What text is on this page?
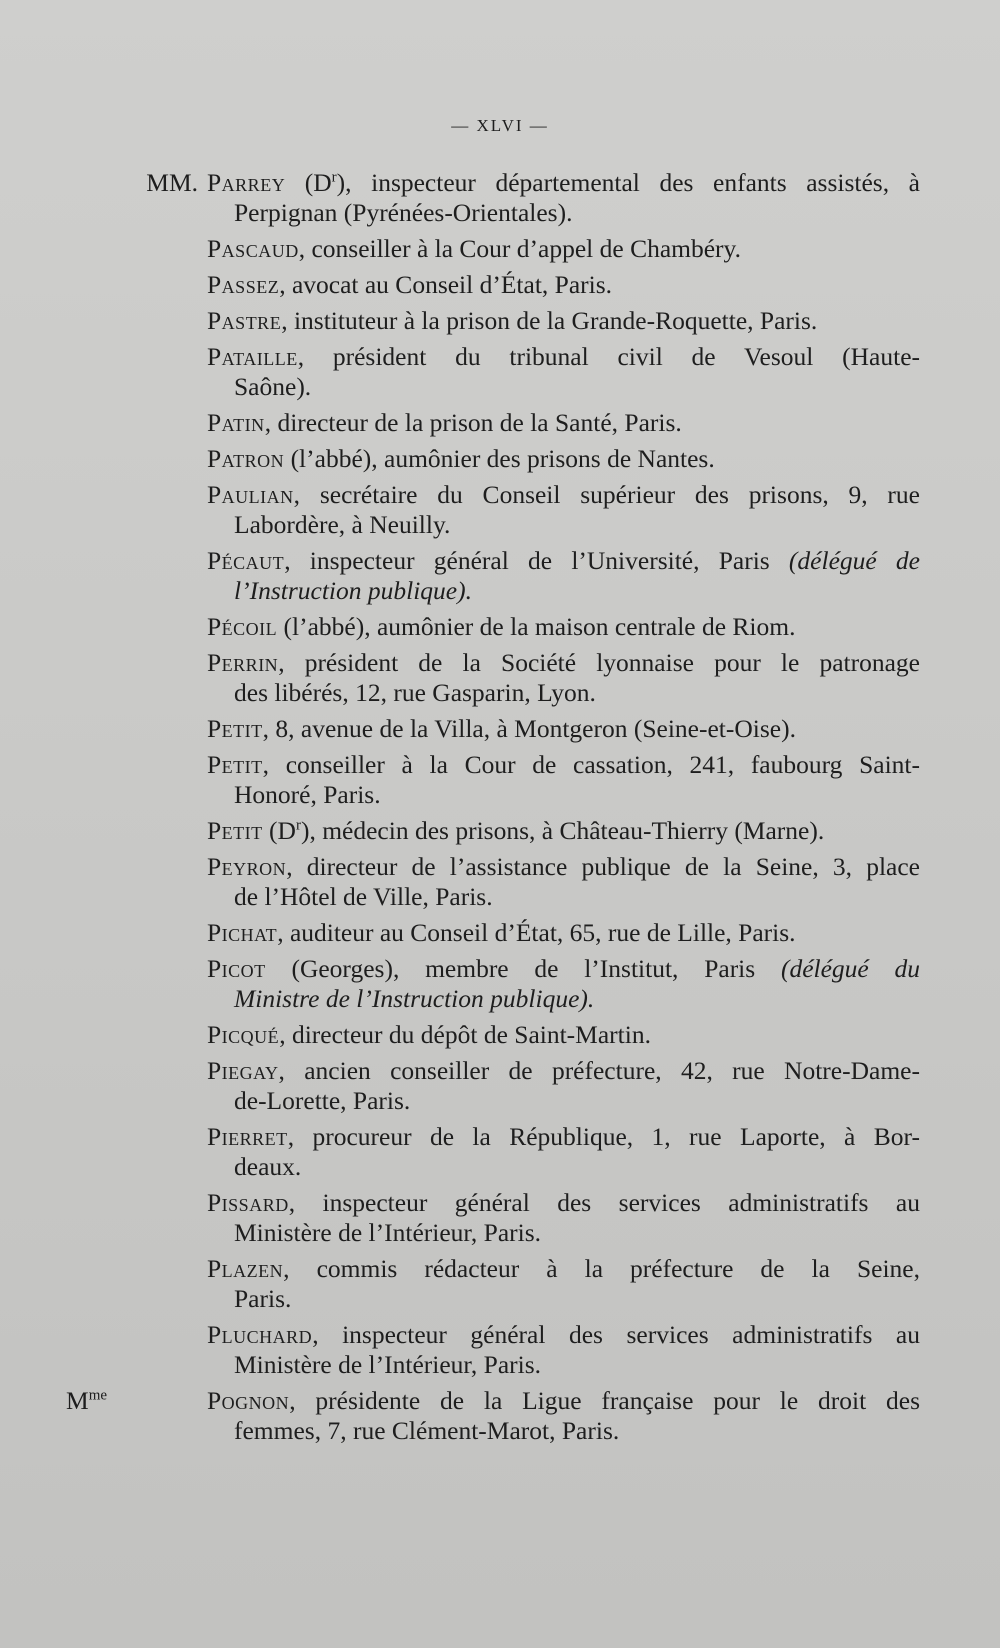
— XLVI —
MM. Parrey $(D^r)$, inspecteur départemental des enfants assistés, à
Perpignan (Pyrénées-Orientales).
Pascaud, conseiller à la Cour d’appel de Chambéry.
Passez, avocat au Conseil d’État, Paris.
Pastre, instituteur à la prison de la Grande-Roquette, Paris.
Pataille, président du tribunal civil de Vesoul (Haute-
Saône).
Patin, directeur de la prison de la Santé, Paris.
Patron (l’abbé), aumônier des prisons de Nantes.
Paulian, secrétaire du Conseil supérieur des prisons, 9, rue
Labordère, à Neuilly.
Pécaut, inspecteur général de l’Université, Paris (délégué de
l’Instruction publique).
Pécoil (l’abbé), aumônier de la maison centrale de Riom.
Perrin, président de la Société lyonnaise pour le patronage
des libérés, 12, rue Gasparin, Lyon.
Petit, 8, avenue de la Villa, à Montgeron (Seine-et-Oise).
Petit, conseiller à la Cour de cassation, 241, faubourg Saint-
Honoré, Paris.
Petit $(D^r)$, médecin des prisons, à Château-Thierry (Marne).
Peyron, directeur de l’assistance publique de la Seine, 3, place
de l’Hôtel de Ville, Paris.
Pichat, auditeur au Conseil d’État, 65, rue de Lille, Paris.
Picot (Georges), membre de l’Institut, Paris (délégué du
Ministre de l’Instruction publique).
Picqué, directeur du dépôt de Saint-Martin.
Piegay, ancien conseiller de préfecture, 42, rue Notre-Dame-
de-Lorette, Paris.
Pierret, procureur de la République, 1, rue Laporte, à Bor-
deaux.
Pissard, inspecteur général des services administratifs au
Ministère de l’Intérieur, Paris.
Plazen, commis rédacteur à la préfecture de la Seine,
Paris.
Pluchard, inspecteur général des services administratifs au
Ministère de l’Intérieur, Paris.
$M^{me}$	Pognon, présidente de la Ligue française pour le droit des
femmes, 7, rue Clément-Marot, Paris.
